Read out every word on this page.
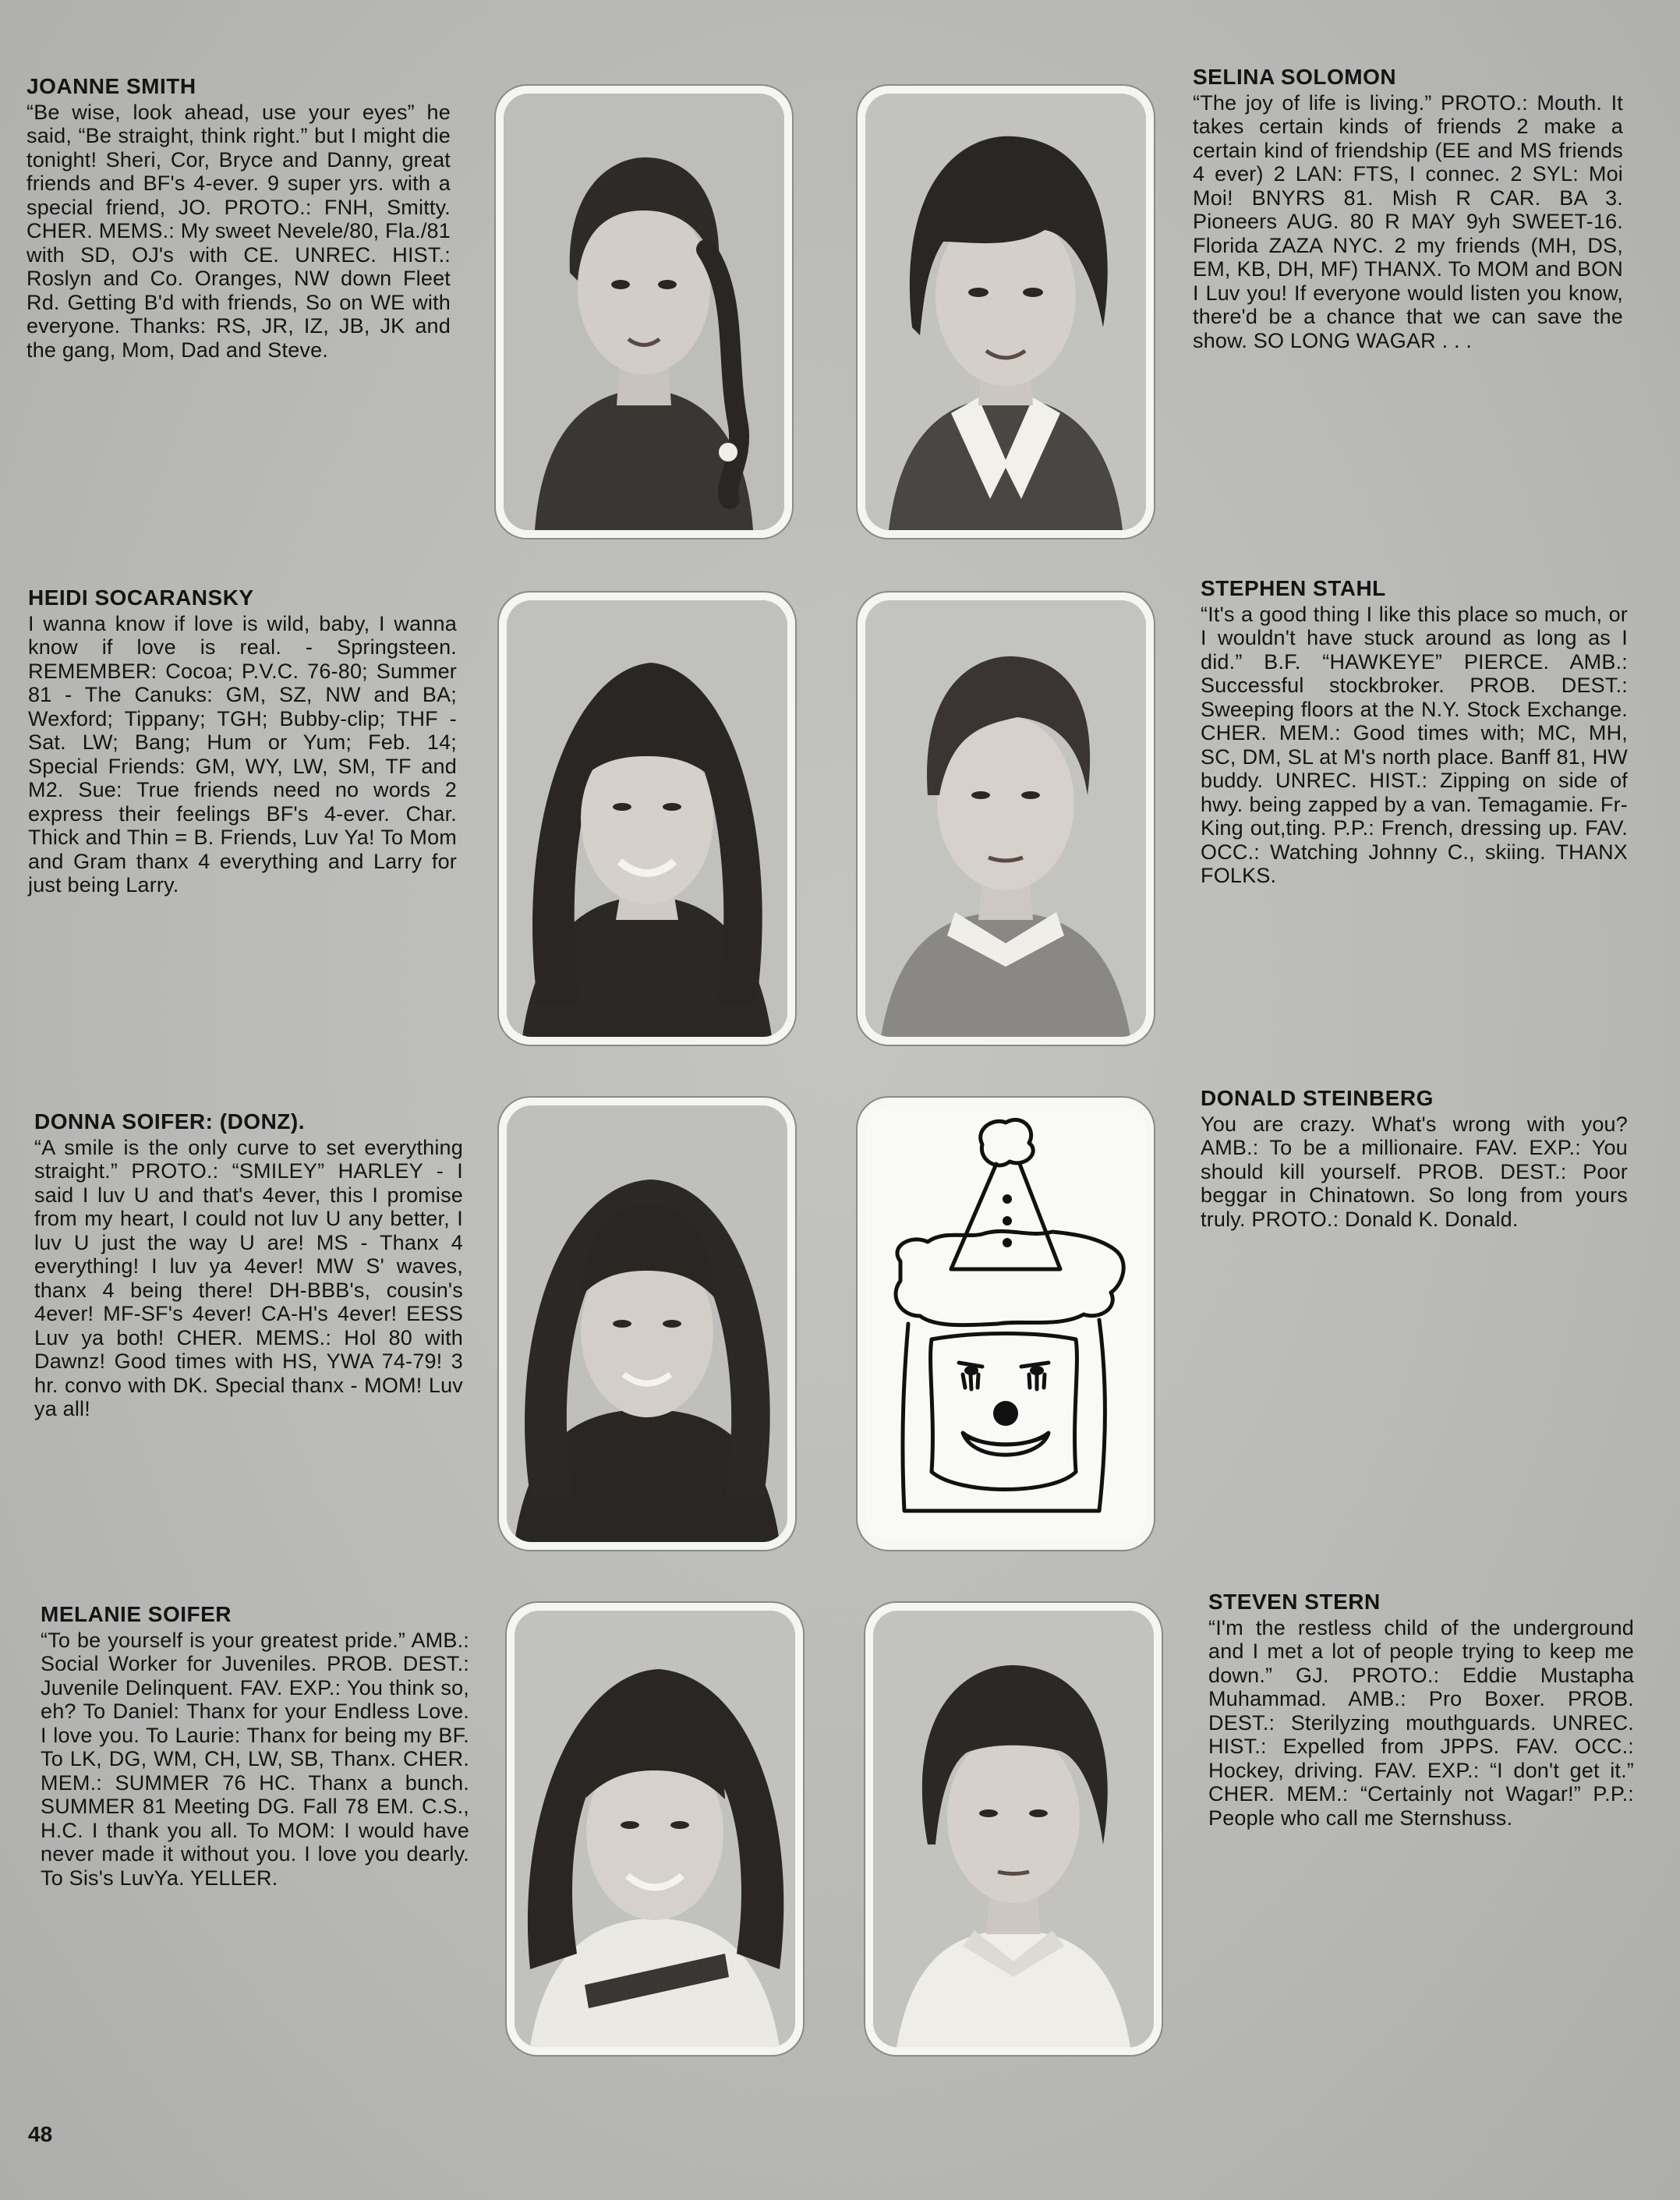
JOANNE SMITH
“Be wise, look ahead, use your eyes” he said, “Be straight, think right.” but I might die tonight! Sheri, Cor, Bryce and Danny, great friends and BF's 4-ever. 9 super yrs. with a special friend, JO. PROTO.: FNH, Smitty. CHER. MEMS.: My sweet Nevele/80, Fla./81 with SD, OJ's with CE. UNREC. HIST.: Roslyn and Co. Oranges, NW down Fleet Rd. Getting B'd with friends, So on WE with everyone. Thanks: RS, JR, IZ, JB, JK and the gang, Mom, Dad and Steve.
SELINA SOLOMON
“The joy of life is living.” PROTO.: Mouth. It takes certain kinds of friends 2 make a certain kind of friendship (EE and MS friends 4 ever) 2 LAN: FTS, I connec. 2 SYL: Moi Moi! BNYRS 81. Mish R CAR. BA 3. Pioneers AUG. 80 R MAY 9yh SWEET-16. Florida ZAZA NYC. 2 my friends (MH, DS, EM, KB, DH, MF) THANX. To MOM and BON I Luv you! If everyone would listen you know, there'd be a chance that we can save the show. SO LONG WAGAR . . .
HEIDI SOCARANSKY
I wanna know if love is wild, baby, I wanna know if love is real. - Springsteen. REMEMBER: Cocoa; P.V.C. 76-80; Summer 81 - The Canuks: GM, SZ, NW and BA; Wexford; Tippany; TGH; Bubby-clip; THF - Sat. LW; Bang; Hum or Yum; Feb. 14; Special Friends: GM, WY, LW, SM, TF and M2. Sue: True friends need no words 2 express their feelings BF's 4-ever. Char. Thick and Thin = B. Friends, Luv Ya! To Mom and Gram thanx 4 everything and Larry for just being Larry.
STEPHEN STAHL
“It's a good thing I like this place so much, or I wouldn't have stuck around as long as I did.” B.F. “HAWKEYE” PIERCE. AMB.: Successful stockbroker. PROB. DEST.: Sweeping floors at the N.Y. Stock Exchange. CHER. MEM.: Good times with; MC, MH, SC, DM, SL at M's north place. Banff 81, HW buddy. UNREC. HIST.: Zipping on side of hwy. being zapped by a van. Temagamie. Fr-King out,ting. P.P.: French, dressing up. FAV. OCC.: Watching Johnny C., skiing. THANX FOLKS.
DONNA SOIFER: (DONZ).
“A smile is the only curve to set everything straight.” PROTO.: “SMILEY” HARLEY - I said I luv U and that's 4ever, this I promise from my heart, I could not luv U any better, I luv U just the way U are! MS - Thanx 4 everything! I luv ya 4ever! MW S' waves, thanx 4 being there! DH-BBB's, cousin's 4ever! MF-SF's 4ever! CA-H's 4ever! EESS Luv ya both! CHER. MEMS.: Hol 80 with Dawnz! Good times with HS, YWA 74-79! 3 hr. convo with DK. Special thanx - MOM! Luv ya all!
DONALD STEINBERG
You are crazy. What's wrong with you? AMB.: To be a millionaire. FAV. EXP.: You should kill yourself. PROB. DEST.: Poor beggar in Chinatown. So long from yours truly. PROTO.: Donald K. Donald.
MELANIE SOIFER
“To be yourself is your greatest pride.” AMB.: Social Worker for Juveniles. PROB. DEST.: Juvenile Delinquent. FAV. EXP.: You think so, eh? To Daniel: Thanx for your Endless Love. I love you. To Laurie: Thanx for being my BF. To LK, DG, WM, CH, LW, SB, Thanx. CHER. MEM.: SUMMER 76 HC. Thanx a bunch. SUMMER 81 Meeting DG. Fall 78 EM. C.S., H.C. I thank you all. To MOM: I would have never made it without you. I love you dearly. To Sis's LuvYa. YELLER.
STEVEN STERN
“I'm the restless child of the underground and I met a lot of people trying to keep me down.” GJ. PROTO.: Eddie Mustapha Muhammad. AMB.: Pro Boxer. PROB. DEST.: Sterilyzing mouthguards. UNREC. HIST.: Expelled from JPPS. FAV. OCC.: Hockey, driving. FAV. EXP.: “I don't get it.” CHER. MEM.: “Certainly not Wagar!” P.P.: People who call me Sternshuss.
48
